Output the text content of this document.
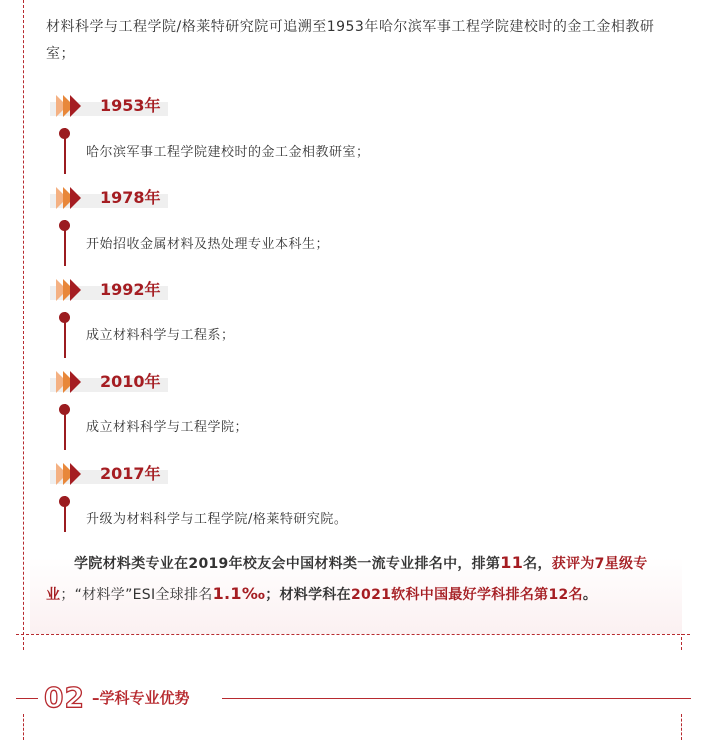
材料科学与工程学院/格莱特研究院可追溯至1953年哈尔滨军事工程学院建校时的金工金相教研室；
1953年
哈尔滨军事工程学院建校时的金工金相教研室；
1978年
开始招收金属材料及热处理专业本科生；
1992年
成立材料科学与工程系；
2010年
成立材料科学与工程学院；
2017年
升级为材料科学与工程学院/格莱特研究院。
学院材料类专业在2019年校友会中国材料类一流专业排名中，排第11名，获评为7星级专业；“材料学”ESI全球排名1.1‰；材料学科在2021软科中国最好学科排名第12名。
02 –学科专业优势
